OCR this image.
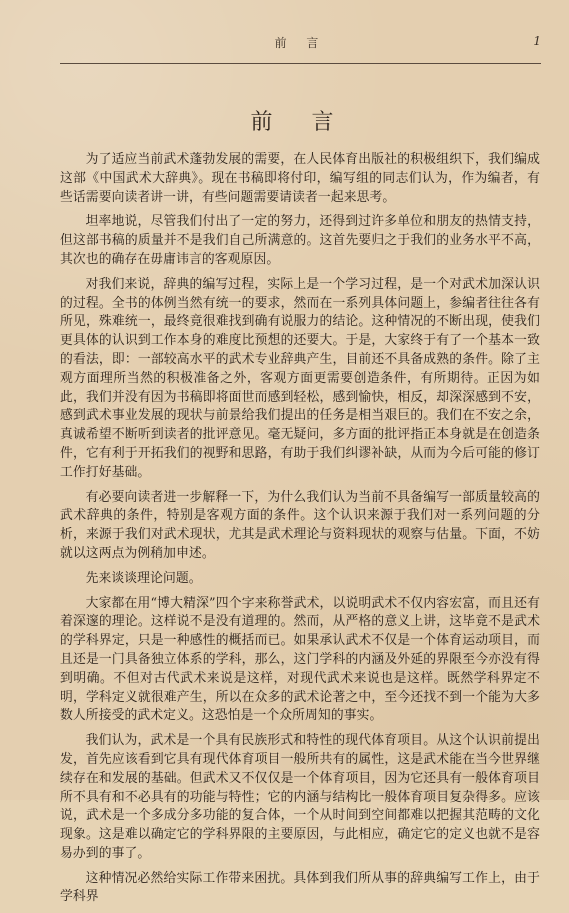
前 言	1
前 言

为了适应当前武术蓬勃发展的需要，在人民体育出版社的积极组织下，我们编成这部《中国武术大辞典》。现在书稿即将付印，编写组的同志们认为，作为编者，有些话需要向读者讲一讲，有些问题需要请读者一起来思考。

坦率地说，尽管我们付出了一定的努力，还得到过许多单位和朋友的热情支持，但这部书稿的质量并不是我们自己所满意的。这首先要归之于我们的业务水平不高，其次也的确存在毋庸讳言的客观原因。

对我们来说，辞典的编写过程，实际上是一个学习过程，是一个对武术加深认识的过程。全书的体例当然有统一的要求，然而在一系列具体问题上，参编者往往各有所见，殊难统一，最终竟很难找到确有说服力的结论。这种情况的不断出现，使我们更具体的认识到工作本身的难度比预想的还要大。于是，大家终于有了一个基本一致的看法，即：一部较高水平的武术专业辞典产生，目前还不具备成熟的条件。除了主观方面理所当然的积极准备之外，客观方面更需要创造条件，有所期待。正因为如此，我们并没有因为书稿即将面世而感到轻松，感到愉快，相反，却深深感到不安，感到武术事业发展的现状与前景给我们提出的任务是相当艰巨的。我们在不安之余，真诚希望不断听到读者的批评意见。毫无疑问，多方面的批评指正本身就是在创造条件，它有利于开拓我们的视野和思路，有助于我们纠谬补缺，从而为今后可能的修订工作打好基础。

有必要向读者进一步解释一下，为什么我们认为当前不具备编写一部质量较高的武术辞典的条件，特别是客观方面的条件。这个认识来源于我们对一系列问题的分析，来源于我们对武术现状，尤其是武术理论与资料现状的观察与估量。下面，不妨就以这两点为例稍加申述。

先来谈谈理论问题。

大家都在用“博大精深”四个字来称誉武术，以说明武术不仅内容宏富，而且还有着深邃的理论。这样说不是没有道理的。然而，从严格的意义上讲，这毕竟不是武术的学科界定，只是一种感性的概括而已。如果承认武术不仅是一个体育运动项目，而且还是一门具备独立体系的学科，那么，这门学科的内涵及外延的界限至今亦没有得到明确。不但对古代武术来说是这样，对现代武术来说也是这样。既然学科界定不明，学科定义就很难产生，所以在众多的武术论著之中，至今还找不到一个能为大多数人所接受的武术定义。这恐怕是一个众所周知的事实。

我们认为，武术是一个具有民族形式和特性的现代体育项目。从这个认识前提出发，首先应该看到它具有现代体育项目一般所共有的属性，这是武术能在当今世界继续存在和发展的基础。但武术又不仅仅是一个体育项目，因为它还具有一般体育项目所不具有和不必具有的功能与特性；它的内涵与结构比一般体育项目复杂得多。应该说，武术是一个多成分多功能的复合体，一个从时间到空间都难以把握其范畴的文化现象。这是难以确定它的学科界限的主要原因，与此相应，确定它的定义也就不是容易办到的事了。

这种情况必然给实际工作带来困扰。具体到我们所从事的辞典编写工作上，由于学科界
